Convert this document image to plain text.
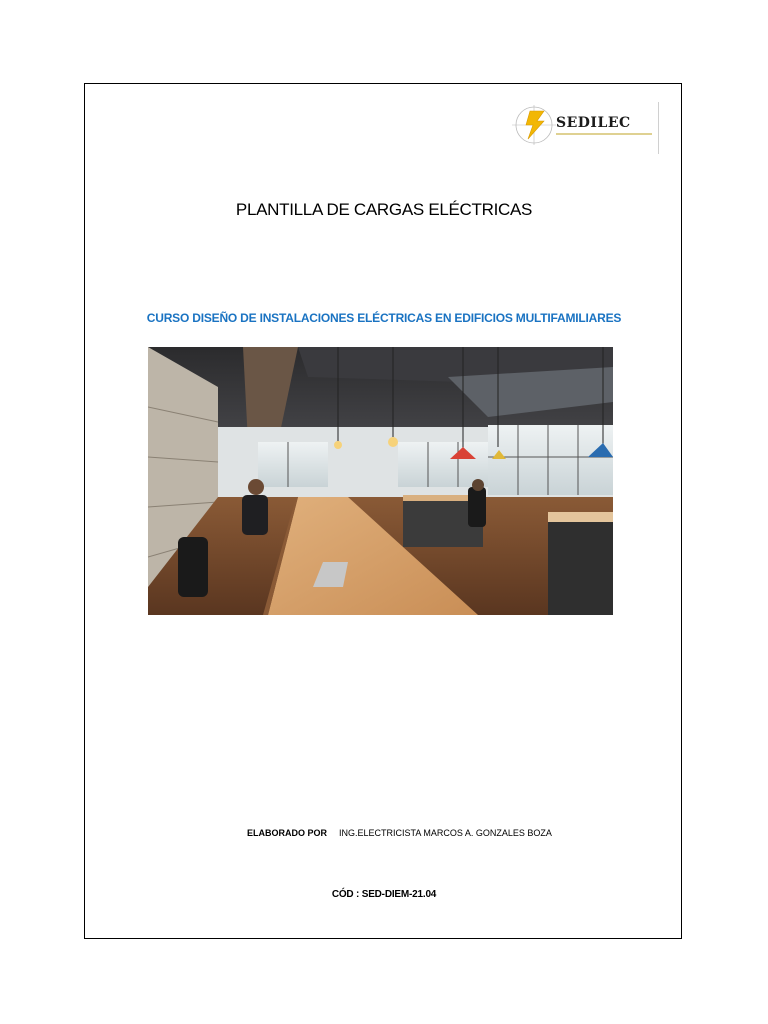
SEDILEC
PLANTILLA DE CARGAS ELÉCTRICAS
CURSO DISEÑO DE INSTALACIONES ELÉCTRICAS EN EDIFICIOS MULTIFAMILIARES
ELABORADO POR ING.ELECTRICISTA MARCOS A. GONZALES BOZA
CÓD : SED-DIEM-21.04
